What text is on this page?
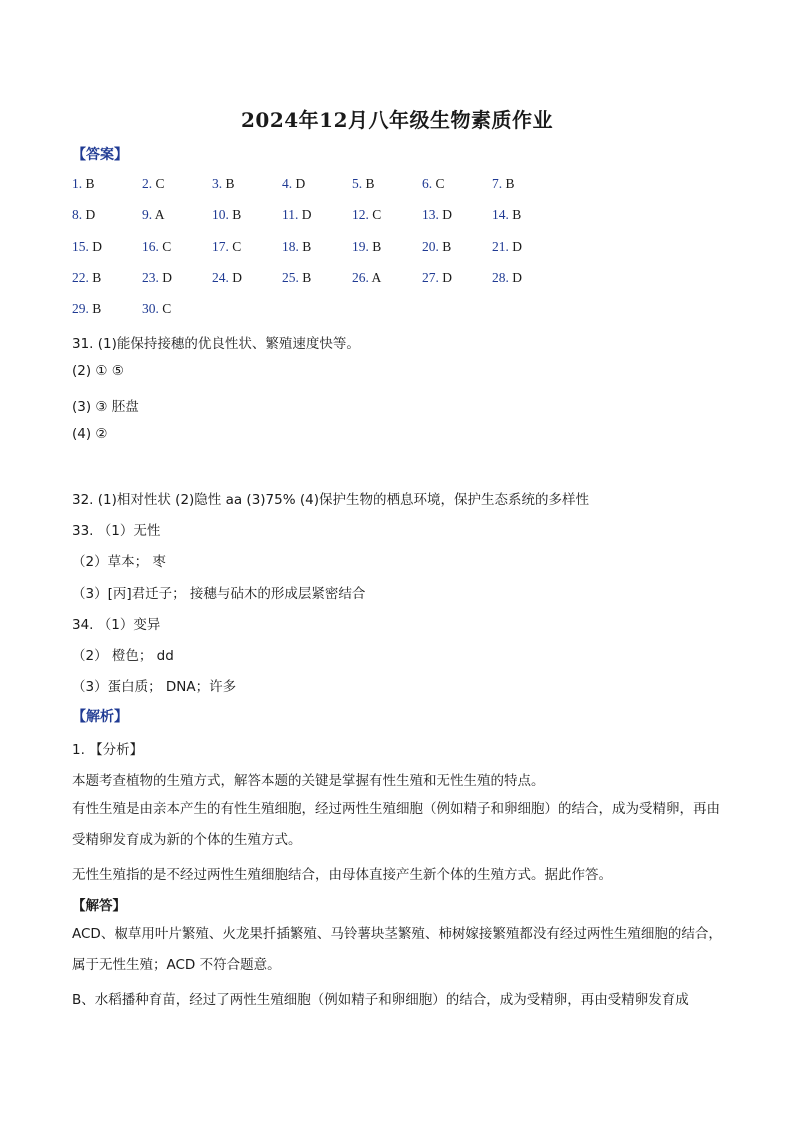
2024年12月八年级生物素质作业
【答案】
1. B	2. C	3. B	4. D	5. B	6. C	7. B
8. D	9. A	10. B	11. D	12. C	13. D	14. B
15. D	16. C	17. C	18. B	19. B	20. B	21. D
22. B	23. D	24. D	25. B	26. A	27. D	28. D
29. B	30. C
31. (1)能保持接穗的优良性状、繁殖速度快等。
(2) ① ⑤
(3) ③ 胚盘
(4) ②
32. (1)相对性状 (2)隐性 aa (3)75% (4)保护生物的栖息环境，保护生态系统的多样性
33. （1）无性
（2）草本； 枣
（3）[丙]君迁子； 接穗与砧木的形成层紧密结合
34. （1）变异
（2） 橙色； dd
（3）蛋白质； DNA；许多
【解析】
1. 【分析】
本题考查植物的生殖方式，解答本题的关键是掌握有性生殖和无性生殖的特点。
有性生殖是由亲本产生的有性生殖细胞，经过两性生殖细胞（例如精子和卵细胞）的结合，成为受精卵，再由受精卵发育成为新的个体的生殖方式。
无性生殖指的是不经过两性生殖细胞结合，由母体直接产生新个体的生殖方式。据此作答。
【解答】
ACD、椒草用叶片繁殖、火龙果扦插繁殖、马铃薯块茎繁殖、柿树嫁接繁殖都没有经过两性生殖细胞的结合，属于无性生殖；ACD 不符合题意。
B、水稻播种育苗，经过了两性生殖细胞（例如精子和卵细胞）的结合，成为受精卵，再由受精卵发育成
